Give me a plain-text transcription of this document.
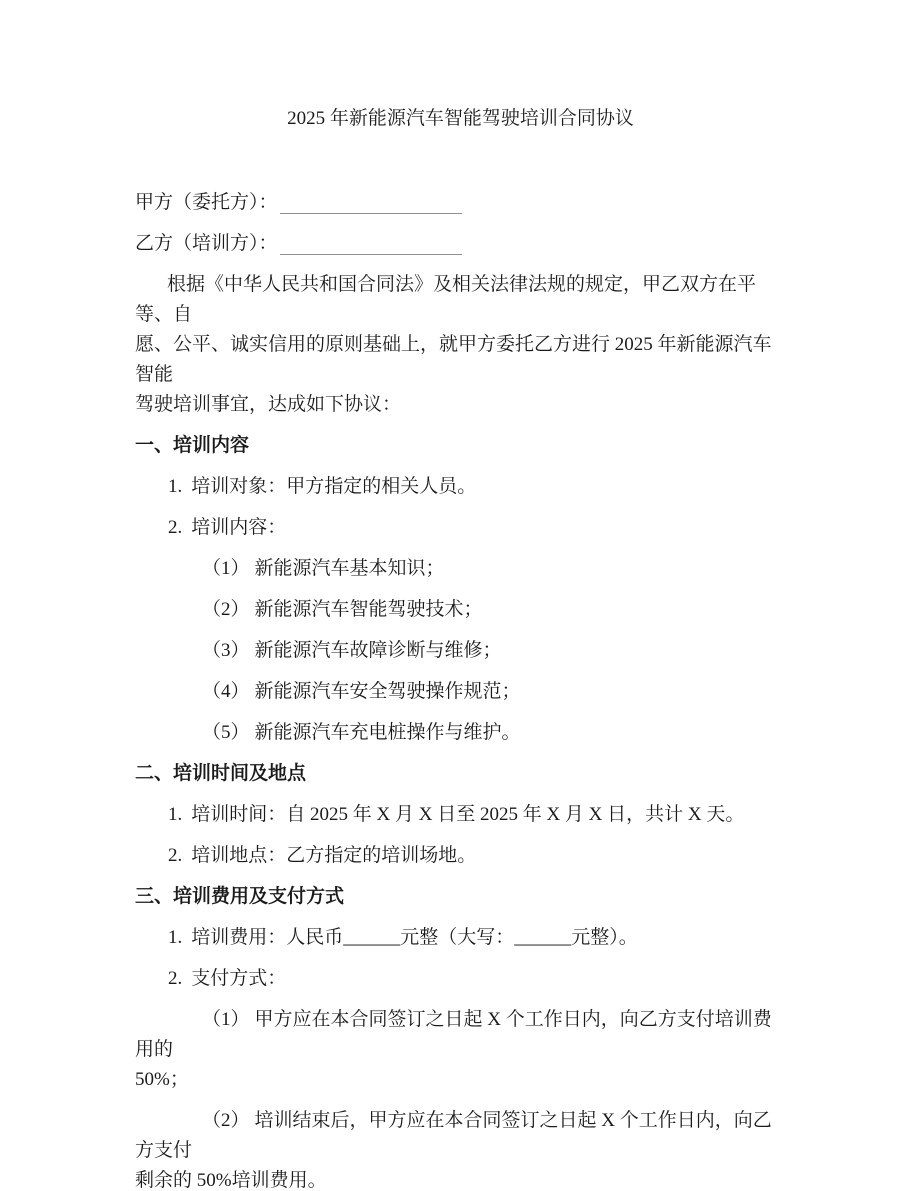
2025 年新能源汽车智能驾驶培训合同协议
甲方（委托方）：
乙方（培训方）：
根据《中华人民共和国合同法》及相关法律法规的规定，甲乙双方在平等、自
愿、公平、诚实信用的原则基础上，就甲方委托乙方进行 2025 年新能源汽车智能
驾驶培训事宜，达成如下协议：
一、培训内容
1. 培训对象：甲方指定的相关人员。
2. 培训内容：
（1） 新能源汽车基本知识；
（2） 新能源汽车智能驾驶技术；
（3） 新能源汽车故障诊断与维修；
（4） 新能源汽车安全驾驶操作规范；
（5） 新能源汽车充电桩操作与维护。
二、培训时间及地点
1. 培训时间：自 2025 年 X 月 X 日至 2025 年 X 月 X 日，共计 X 天。
2. 培训地点：乙方指定的培训场地。
三、培训费用及支付方式
1. 培训费用：人民币______元整（大写：______元整）。
2. 支付方式：
（1） 甲方应在本合同签订之日起 X 个工作日内，向乙方支付培训费用的
50%；
（2） 培训结束后，甲方应在本合同签订之日起 X 个工作日内，向乙方支付
剩余的 50%培训费用。
